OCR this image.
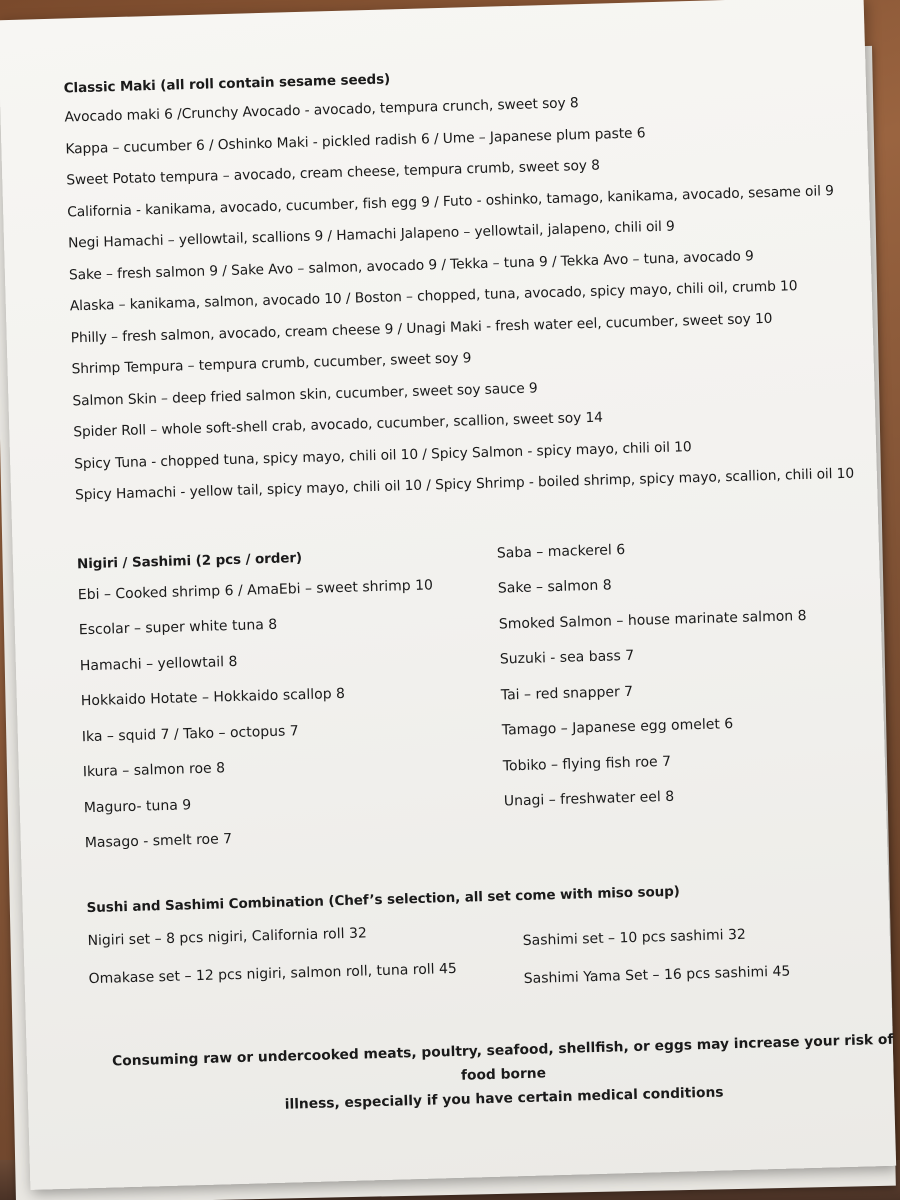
Classic Maki (all roll contain sesame seeds)
Avocado maki 6 /Crunchy Avocado - avocado, tempura crunch, sweet soy 8
Kappa – cucumber 6 / Oshinko Maki - pickled radish 6 / Ume – Japanese plum paste 6
Sweet Potato tempura – avocado, cream cheese, tempura crumb, sweet soy 8
California - kanikama, avocado, cucumber, fish egg 9 / Futo - oshinko, tamago, kanikama, avocado, sesame oil 9
Negi Hamachi – yellowtail, scallions 9 / Hamachi Jalapeno – yellowtail, jalapeno, chili oil 9
Sake – fresh salmon 9 / Sake Avo – salmon, avocado 9 / Tekka – tuna 9 / Tekka Avo – tuna, avocado 9
Alaska – kanikama, salmon, avocado 10 / Boston – chopped, tuna, avocado, spicy mayo, chili oil, crumb 10
Philly – fresh salmon, avocado, cream cheese 9 / Unagi Maki - fresh water eel, cucumber, sweet soy 10
Shrimp Tempura – tempura crumb, cucumber, sweet soy 9
Salmon Skin – deep fried salmon skin, cucumber, sweet soy sauce 9
Spider Roll – whole soft-shell crab, avocado, cucumber, scallion, sweet soy 14
Spicy Tuna - chopped tuna, spicy mayo, chili oil 10 / Spicy Salmon - spicy mayo, chili oil 10
Spicy Hamachi - yellow tail, spicy mayo, chili oil 10 / Spicy Shrimp - boiled shrimp, spicy mayo, scallion, chili oil 10
Nigiri / Sashimi (2 pcs / order)
Ebi – Cooked shrimp 6 / AmaEbi – sweet shrimp 10
Escolar – super white tuna 8
Hamachi – yellowtail 8
Hokkaido Hotate – Hokkaido scallop 8
Ika – squid 7 / Tako – octopus 7
Ikura – salmon roe 8
Maguro- tuna 9
Masago - smelt roe 7
Saba – mackerel 6
Sake – salmon 8
Smoked Salmon – house marinate salmon 8
Suzuki - sea bass 7
Tai – red snapper 7
Tamago – Japanese egg omelet 6
Tobiko – flying fish roe 7
Unagi – freshwater eel 8
Sushi and Sashimi Combination (Chef’s selection, all set come with miso soup)
Nigiri set – 8 pcs nigiri, California roll 32
Omakase set – 12 pcs nigiri, salmon roll, tuna roll 45
Sashimi set – 10 pcs sashimi 32
Sashimi Yama Set – 16 pcs sashimi 45
Consuming raw or undercooked meats, poultry, seafood, shellfish, or eggs may increase your risk of food borne
illness, especially if you have certain medical conditions
